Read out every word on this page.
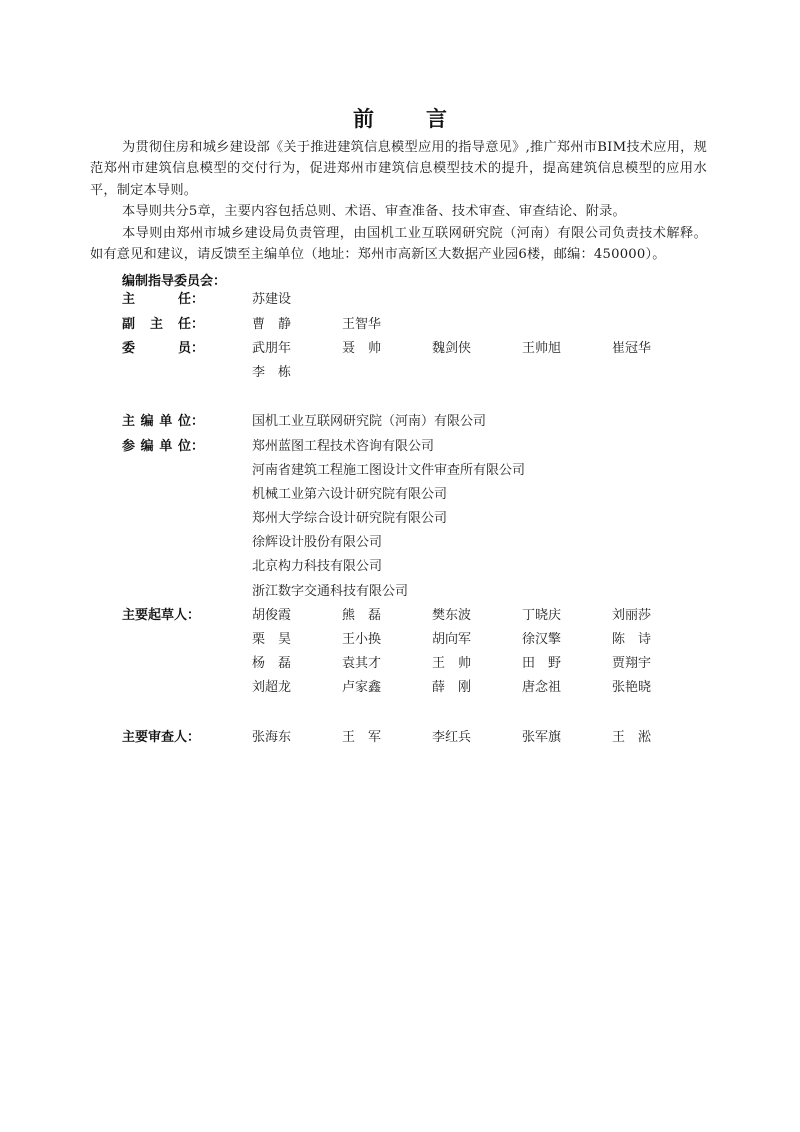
前 言

为贯彻住房和城乡建设部《关于推进建筑信息模型应用的指导意见》,推广郑州市BIM技术应用，规范郑州市建筑信息模型的交付行为，促进郑州市建筑信息模型技术的提升，提高建筑信息模型的应用水平，制定本导则。

本导则共分5章，主要内容包括总则、术语、审查准备、技术审查、审查结论、附录。

本导则由郑州市城乡建设局负责管理，由国机工业互联网研究院（河南）有限公司负责技术解释。如有意见和建议，请反馈至主编单位（地址：郑州市高新区大数据产业园6楼，邮编：450000）。

编制指导委员会：
主	任：	苏建设
副 主 任：	曹　静	王智华
委	员：	武朋年	聂　帅	魏剑侠	王帅旭	崔冠华
李　栋
主 编 单 位：	国机工业互联网研究院（河南）有限公司
参 编 单 位：	郑州蓝图工程技术咨询有限公司
河南省建筑工程施工图设计文件审查所有限公司
机械工业第六设计研究院有限公司
郑州大学综合设计研究院有限公司
徐辉设计股份有限公司
北京构力科技有限公司
浙江数字交通科技有限公司
主要起草人：	胡俊霞	熊　磊	樊东波	丁晓庆	刘丽莎
栗　昊	王小换	胡向军	徐汉擎	陈　诗
杨　磊	袁其才	王　帅	田　野	贾翔宇
刘超龙	卢家鑫	薛　刚	唐念祖	张艳晓
主要审查人：	张海东	王　军	李红兵	张军旗	王　淞
